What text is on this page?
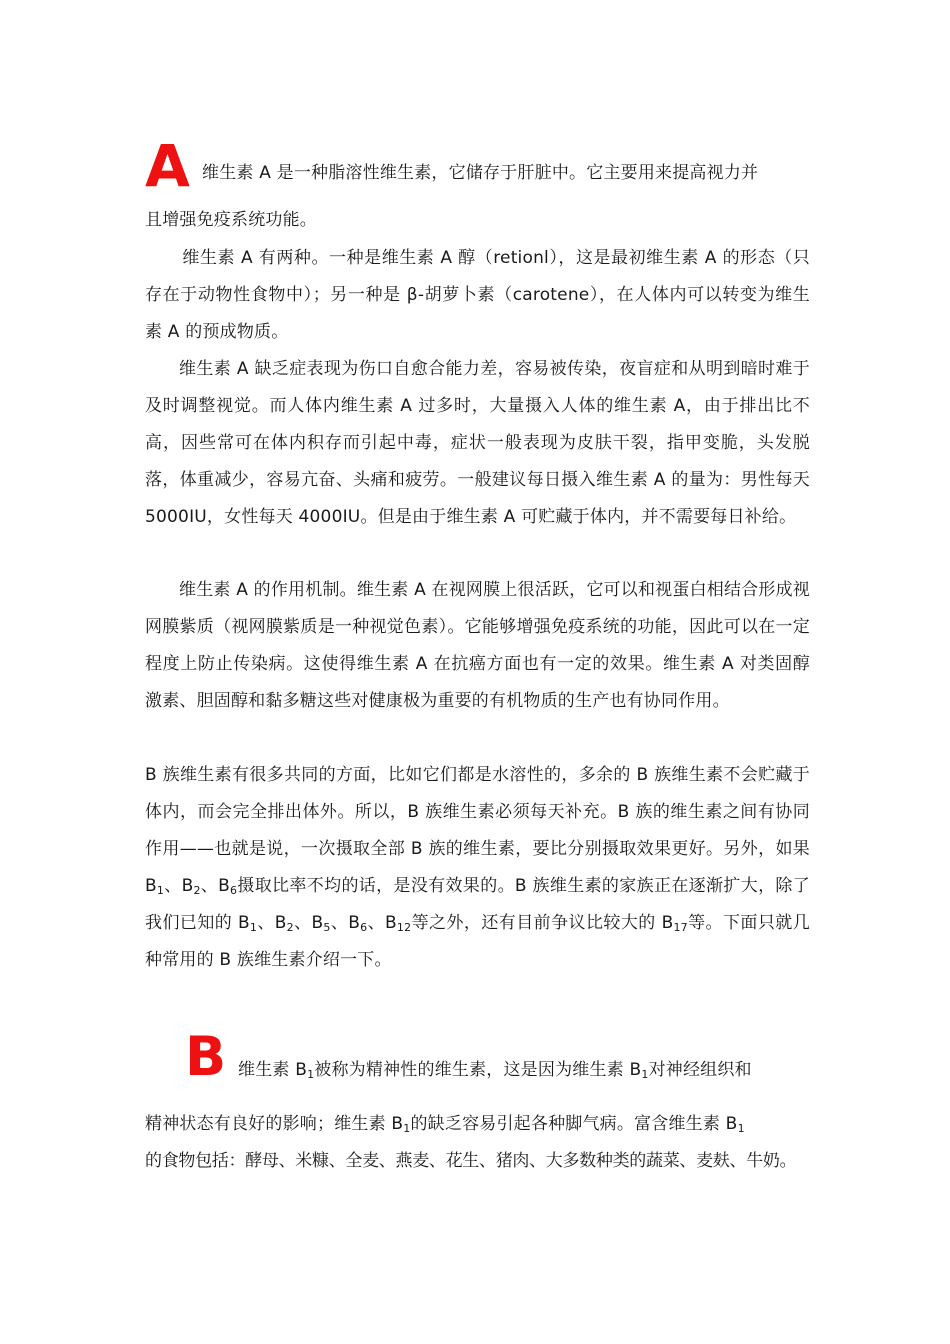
A 维生素 A 是一种脂溶性维生素，它储存于肝脏中。它主要用来提高视力并

且增强免疫系统功能。

维生素 A 有两种。一种是维生素 A 醇（retionl），这是最初维生素 A 的形态（只存在于动物性食物中）；另一种是 β-胡萝卜素（carotene），在人体内可以转变为维生素 A 的预成物质。

维生素 A 缺乏症表现为伤口自愈合能力差，容易被传染，夜盲症和从明到暗时难于及时调整视觉。而人体内维生素 A 过多时，大量摄入人体的维生素 A，由于排出比不高，因些常可在体内积存而引起中毒，症状一般表现为皮肤干裂，指甲变脆，头发脱落，体重减少，容易亢奋、头痛和疲劳。一般建议每日摄入维生素 A 的量为：男性每天 5000IU，女性每天 4000IU。但是由于维生素 A 可贮藏于体内，并不需要每日补给。

维生素 A 的作用机制。维生素 A 在视网膜上很活跃，它可以和视蛋白相结合形成视网膜紫质（视网膜紫质是一种视觉色素）。它能够增强免疫系统的功能，因此可以在一定程度上防止传染病。这使得维生素 A 在抗癌方面也有一定的效果。维生素 A 对类固醇激素、胆固醇和黏多糖这些对健康极为重要的有机物质的生产也有协同作用。

B 族维生素有很多共同的方面，比如它们都是水溶性的，多余的 B 族维生素不会贮藏于体内，而会完全排出体外。所以，B 族维生素必须每天补充。B 族的维生素之间有协同作用——也就是说，一次摄取全部 B 族的维生素，要比分别摄取效果更好。另外，如果 $B_1$、$B_2$、$B_6$摄取比率不均的话，是没有效果的。B 族维生素的家族正在逐渐扩大，除了我们已知的 $B_1$、$B_2$、$B_5$、$B_6$、$B_{12}$等之外，还有目前争议比较大的 $B_{17}$等。下面只就几种常用的 B 族维生素介绍一下。

B 维生素 $B_1$被称为精神性的维生素，这是因为维生素 $B_1$对神经组织和

精神状态有良好的影响；维生素 $B_1$的缺乏容易引起各种脚气病。富含维生素 $B_1$

的食物包括：酵母、米糠、全麦、燕麦、花生、猪肉、大多数种类的蔬菜、麦麸、牛奶。
